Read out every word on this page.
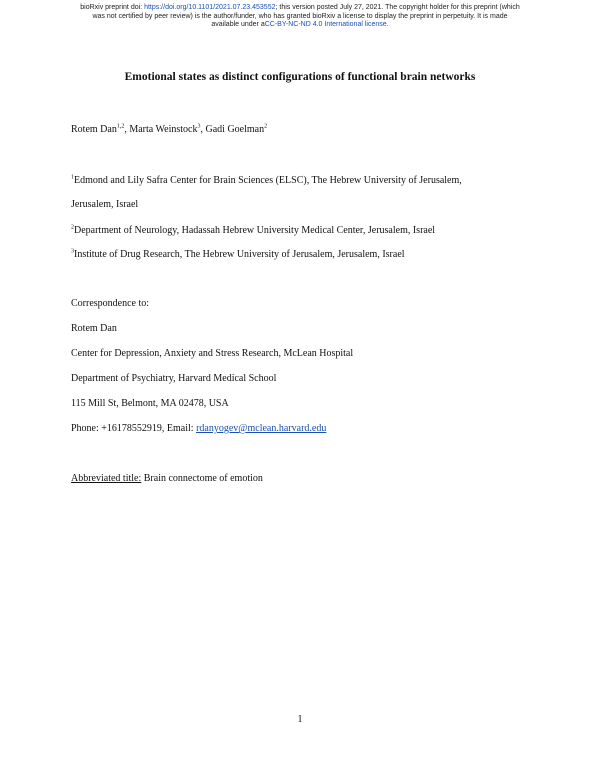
bioRxiv preprint doi: https://doi.org/10.1101/2021.07.23.453552; this version posted July 27, 2021. The copyright holder for this preprint (which
was not certified by peer review) is the author/funder, who has granted bioRxiv a license to display the preprint in perpetuity. It is made
available under aCC-BY-NC-ND 4.0 International license.
Emotional states as distinct configurations of functional brain networks
Rotem Dan$^{1,2}$, Marta Weinstock$^3$, Gadi Goelman$^2$
$^1$Edmond and Lily Safra Center for Brain Sciences (ELSC), The Hebrew University of Jerusalem,
Jerusalem, Israel
$^2$Department of Neurology, Hadassah Hebrew University Medical Center, Jerusalem, Israel
$^3$Institute of Drug Research, The Hebrew University of Jerusalem, Jerusalem, Israel
Correspondence to:
Rotem Dan
Center for Depression, Anxiety and Stress Research, McLean Hospital
Department of Psychiatry, Harvard Medical School
115 Mill St, Belmont, MA 02478, USA
Phone: +16178552919, Email: rdanyogev@mclean.harvard.edu
Abbreviated title: Brain connectome of emotion
1
